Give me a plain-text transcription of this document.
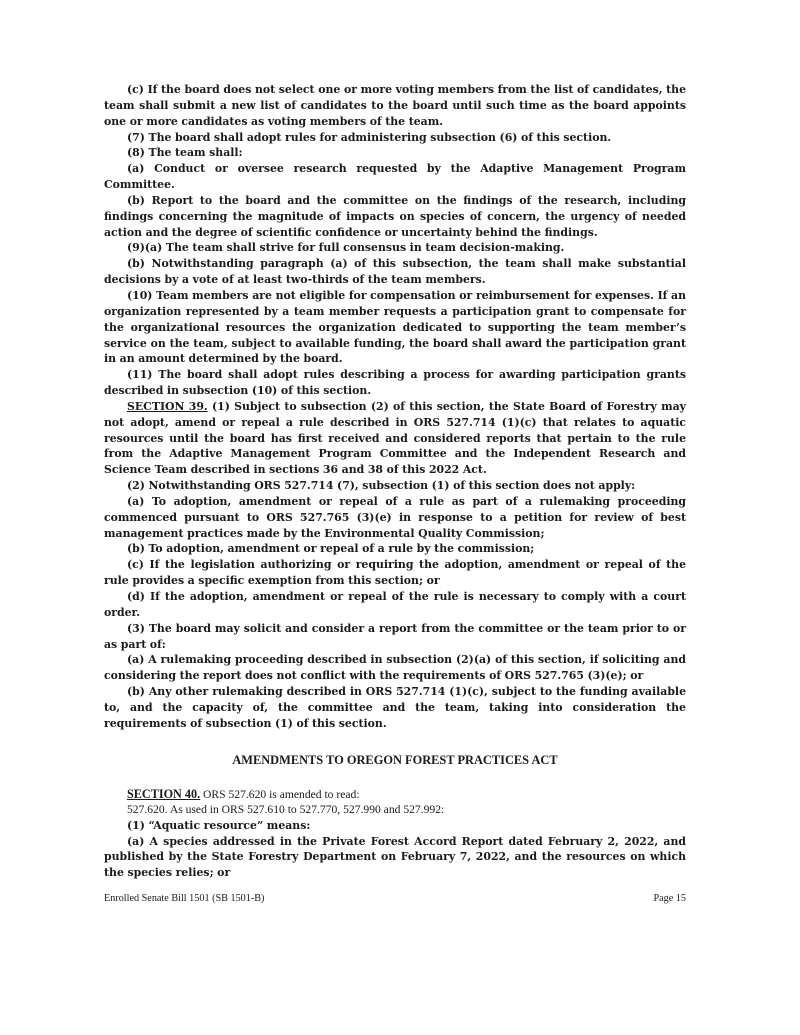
(c) If the board does not select one or more voting members from the list of candidates, the team shall submit a new list of candidates to the board until such time as the board appoints one or more candidates as voting members of the team.

(7) The board shall adopt rules for administering subsection (6) of this section.

(8) The team shall:

(a) Conduct or oversee research requested by the Adaptive Management Program Committee.

(b) Report to the board and the committee on the findings of the research, including findings concerning the magnitude of impacts on species of concern, the urgency of needed action and the degree of scientific confidence or uncertainty behind the findings.

(9)(a) The team shall strive for full consensus in team decision-making.

(b) Notwithstanding paragraph (a) of this subsection, the team shall make substantial decisions by a vote of at least two-thirds of the team members.

(10) Team members are not eligible for compensation or reimbursement for expenses. If an organization represented by a team member requests a participation grant to compensate for the organizational resources the organization dedicated to supporting the team member’s service on the team, subject to available funding, the board shall award the participation grant in an amount determined by the board.

(11) The board shall adopt rules describing a process for awarding participation grants described in subsection (10) of this section.

SECTION 39. (1) Subject to subsection (2) of this section, the State Board of Forestry may not adopt, amend or repeal a rule described in ORS 527.714 (1)(c) that relates to aquatic resources until the board has first received and considered reports that pertain to the rule from the Adaptive Management Program Committee and the Independent Research and Science Team described in sections 36 and 38 of this 2022 Act.

(2) Notwithstanding ORS 527.714 (7), subsection (1) of this section does not apply:

(a) To adoption, amendment or repeal of a rule as part of a rulemaking proceeding commenced pursuant to ORS 527.765 (3)(e) in response to a petition for review of best management practices made by the Environmental Quality Commission;

(b) To adoption, amendment or repeal of a rule by the commission;

(c) If the legislation authorizing or requiring the adoption, amendment or repeal of the rule provides a specific exemption from this section; or

(d) If the adoption, amendment or repeal of the rule is necessary to comply with a court order.

(3) The board may solicit and consider a report from the committee or the team prior to or as part of:

(a) A rulemaking proceeding described in subsection (2)(a) of this section, if soliciting and considering the report does not conflict with the requirements of ORS 527.765 (3)(e); or

(b) Any other rulemaking described in ORS 527.714 (1)(c), subject to the funding available to, and the capacity of, the committee and the team, taking into consideration the requirements of subsection (1) of this section.

AMENDMENTS TO OREGON FOREST PRACTICES ACT

SECTION 40. ORS 527.620 is amended to read:

527.620. As used in ORS 527.610 to 527.770, 527.990 and 527.992:

(1) “Aquatic resource” means:

(a) A species addressed in the Private Forest Accord Report dated February 2, 2022, and published by the State Forestry Department on February 7, 2022, and the resources on which the species relies; or

Enrolled Senate Bill 1501 (SB 1501-B)	Page 15
